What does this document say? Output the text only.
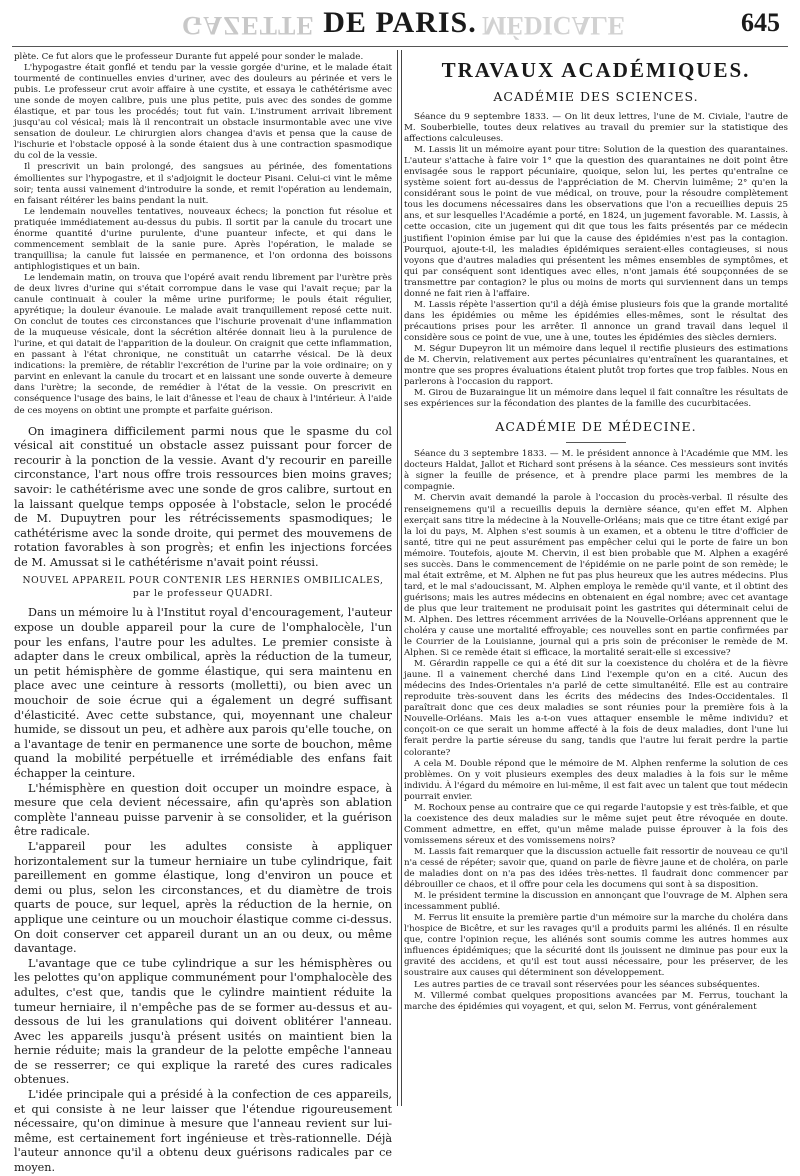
GAZETTE	MÉDICALE
DE PARIS.	645

plète. Ce fut alors que le professeur Durante fut appelé pour sonder le malade.

L'hypogastre était gonflé et tendu par la vessie gorgée d'urine, et le malade était tourmenté de continuelles envies d'uriner, avec des douleurs au périnée et vers le pubis. Le professeur crut avoir affaire à une cystite, et essaya le cathétérisme avec une sonde de moyen calibre, puis une plus petite, puis avec des sondes de gomme élastique, et par tous les procédés; tout fut vain. L'instrument arrivait librement jusqu'au col vésical; mais là il rencontrait un obstacle insurmontable avec une vive sensation de douleur. Le chirurgien alors changea d'avis et pensa que la cause de l'ischurie et l'obstacle opposé à la sonde étaient dus à une contraction spasmodique du col de la vessie.

Il prescrivit un bain prolongé, des sangsues au périnée, des fomentations émollientes sur l'hypogastre, et il s'adjoignit le docteur Pisani. Celui-ci vint le même soir; tenta aussi vainement d'introduire la sonde, et remit l'opération au lendemain, en faisant réitérer les bains pendant la nuit.

Le lendemain nouvelles tentatives, nouveaux échecs; la ponction fut résolue et pratiquée immédiatement au-dessus du pubis. Il sortit par la canule du trocart une énorme quantité d'urine purulente, d'une puanteur infecte, et qui dans le commencement semblait de la sanie pure. Après l'opération, le malade se tranquillisa; la canule fut laissée en permanence, et l'on ordonna des boissons antiphlogistiques et un bain.

Le lendemain matin, on trouva que l'opéré avait rendu librement par l'urètre près de deux livres d'urine qui s'était corrompue dans le vase qui l'avait reçue; par la canule continuait à couler la même urine puriforme; le pouls était régulier, apyrétique; la douleur évanouie. Le malade avait tranquillement reposé cette nuit. On conclut de toutes ces circonstances que l'ischurie provenait d'une inflammation de la muqueuse vésicale, dont la sécrétion altérée donnait lieu à la purulence de l'urine, et qui datait de l'apparition de la douleur. On craignit que cette inflammation, en passant à l'état chronique, ne constituât un catarrhe vésical. De là deux indications: la première, de rétablir l'excrétion de l'urine par la voie ordinaire; on y parvint en enlevant la canule du trocart et en laissant une sonde ouverte à demeure dans l'urètre; la seconde, de remédier à l'état de la vessie. On prescrivit en conséquence l'usage des bains, le lait d'ânesse et l'eau de chaux à l'intérieur. À l'aide de ces moyens on obtint une prompte et parfaite guérison.

On imaginera difficilement parmi nous que le spasme du col vésical ait constitué un obstacle assez puissant pour forcer de recourir à la ponction de la vessie. Avant d'y recourir en pareille circonstance, l'art nous offre trois ressources bien moins graves; savoir: le cathétérisme avec une sonde de gros calibre, surtout en la laissant quelque temps opposée à l'obstacle, selon le procédé de M. Dupuytren pour les rétrécissements spasmodiques; le cathétérisme avec la sonde droite, qui permet des mouvemens de rotation favorables à son progrès; et enfin les injections forcées de M. Amussat si le cathétérisme n'avait point réussi.

NOUVEL APPAREIL POUR CONTENIR LES HERNIES OMBILICALES, par le professeur QUADRI.

Dans un mémoire lu à l'Institut royal d'encouragement, l'auteur expose un double appareil pour la cure de l'omphalocèle, l'un pour les enfans, l'autre pour les adultes. Le premier consiste à adapter dans le creux ombilical, après la réduction de la tumeur, un petit hémisphère de gomme élastique, qui sera maintenu en place avec une ceinture à ressorts (molletti), ou bien avec un mouchoir de soie écrue qui a également un degré suffisant d'élasticité. Avec cette substance, qui, moyennant une chaleur humide, se dissout un peu, et adhère aux parois qu'elle touche, on a l'avantage de tenir en permanence une sorte de bouchon, même quand la mobilité perpétuelle et irrémédiable des enfans fait échapper la ceinture.

L'hémisphère en question doit occuper un moindre espace, à mesure que cela devient nécessaire, afin qu'après son ablation complète l'anneau puisse parvenir à se consolider, et la guérison être radicale.

L'appareil pour les adultes consiste à appliquer horizontalement sur la tumeur herniaire un tube cylindrique, fait pareillement en gomme élastique, long d'environ un pouce et demi ou plus, selon les circonstances, et du diamètre de trois quarts de pouce, sur lequel, après la réduction de la hernie, on applique une ceinture ou un mouchoir élastique comme ci-dessus. On doit conserver cet appareil durant un an ou deux, ou même davantage.

L'avantage que ce tube cylindrique a sur les hémisphères ou les pelottes qu'on applique communément pour l'omphalocèle des adultes, c'est que, tandis que le cylindre maintient réduite la tumeur herniaire, il n'empêche pas de se former au-dessus et au-dessous de lui les granulations qui doivent oblitérer l'anneau. Avec les appareils jusqu'à présent usités on maintient bien la hernie réduite; mais la grandeur de la pelotte empêche l'anneau de se resserrer; ce qui explique la rareté des cures radicales obtenues.

L'idée principale qui a présidé à la confection de ces appareils, et qui consiste à ne leur laisser que l'étendue rigoureusement nécessaire, qu'on diminue à mesure que l'anneau revient sur lui-même, est certainement fort ingénieuse et très-rationnelle. Déjà l'auteur annonce qu'il a obtenu deux guérisons radicales par ce moyen.

TRAVAUX ACADÉMIQUES.
ACADÉMIE DES SCIENCES.

Séance du 9 septembre 1833. — On lit deux lettres, l'une de M. Civiale, l'autre de M. Souberbielle, toutes deux relatives au travail du premier sur la statistique des affections calculeuses.

M. Lassis lit un mémoire ayant pour titre: Solution de la question des quarantaines. L'auteur s'attache à faire voir 1° que la question des quarantaines ne doit point être envisagée sous le rapport pécuniaire, quoique, selon lui, les pertes qu'entraîne ce système soient fort au-dessus de l'appréciation de M. Chervin luimême; 2° qu'en la considérant sous le point de vue médical, on trouve, pour la résoudre complètement tous les documens nécessaires dans les observations que l'on a recueillies depuis 25 ans, et sur lesquelles l'Académie a porté, en 1824, un jugement favorable. M. Lassis, à cette occasion, cite un jugement qui dit que tous les faits présentés par ce médecin justifient l'opinion émise par lui que la cause des épidémies n'est pas la contagion. Pourquoi, ajoute-t-il, les maladies épidémiques seraient-elles contagieuses, si nous voyons que d'autres maladies qui présentent les mêmes ensembles de symptômes, et qui par conséquent sont identiques avec elles, n'ont jamais été soupçonnées de se transmettre par contagion? le plus ou moins de morts qui surviennent dans un temps donné ne fait rien à l'affaire.

M. Lassis répète l'assertion qu'il a déjà émise plusieurs fois que la grande mortalité dans les épidémies ou même les épidémies elles-mêmes, sont le résultat des précautions prises pour les arrêter. Il annonce un grand travail dans lequel il considère sous ce point de vue, une à une, toutes les épidémies des siècles derniers.

M. Ségur Dupeyron lit un mémoire dans lequel il rectifie plusieurs des estimations de M. Chervin, relativement aux pertes pécuniaires qu'entraînent les quarantaines, et montre que ses propres évaluations étaient plutôt trop fortes que trop faibles. Nous en parlerons à l'occasion du rapport.

M. Girou de Buzaraingue lit un mémoire dans lequel il fait connaître les résultats de ses expériences sur la fécondation des plantes de la famille des cucurbitacées.

ACADÉMIE DE MÉDECINE.

Séance du 3 septembre 1833. — M. le président annonce à l'Académie que MM. les docteurs Haldat, Jallot et Richard sont présens à la séance. Ces messieurs sont invités à signer la feuille de présence, et à prendre place parmi les membres de la compagnie.

M. Chervin avait demandé la parole à l'occasion du procès-verbal. Il résulte des renseignemens qu'il a recueillis depuis la dernière séance, qu'en effet M. Alphen exerçait sans titre la médecine à la Nouvelle-Orléans; mais que ce titre étant exigé par la loi du pays, M. Alphen s'est soumis à un examen, et a obtenu le titre d'officier de santé, titre qui ne peut assurément pas empêcher celui qui le porte de faire un bon mémoire. Toutefois, ajoute M. Chervin, il est bien probable que M. Alphen a exagéré ses succès. Dans le commencement de l'épidémie on ne parle point de son remède; le mal était extrême, et M. Alphen ne fut pas plus heureux que les autres médecins. Plus tard, et le mal s'adoucissant, M. Alphen employa le remède qu'il vante, et il obtint des guérisons; mais les autres médecins en obtenaient en égal nombre; avec cet avantage de plus que leur traitement ne produisait point les gastrites qui déterminait celui de M. Alphen. Des lettres récemment arrivées de la Nouvelle-Orléans apprennent que le choléra y cause une mortalité effroyable; ces nouvelles sont en partie confirmées par le Courrier de la Louisianne, journal qui a pris soin de préconiser le remède de M. Alphen. Si ce remède était si efficace, la mortalité serait-elle si excessive?

M. Gérardin rappelle ce qui a été dit sur la coexistence du choléra et de la fièvre jaune. Il a vainement cherché dans Lind l'exemple qu'on en a cité. Aucun des médecins des Indes-Orientales n'a parlé de cette simultanéité. Elle est au contraire reproduite très-souvent dans les écrits des médecins des Indes-Occidentales. Il paraîtrait donc que ces deux maladies se sont réunies pour la première fois à la Nouvelle-Orléans. Mais les a-t-on vues attaquer ensemble le même individu? et conçoit-on ce que serait un homme affecté à la fois de deux maladies, dont l'une lui ferait perdre la partie séreuse du sang, tandis que l'autre lui ferait perdre la partie colorante?

A cela M. Double répond que le mémoire de M. Alphen renferme la solution de ces problèmes. On y voit plusieurs exemples des deux maladies à la fois sur le même individu. À l'égard du mémoire en lui-même, il est fait avec un talent que tout médecin pourrait envier.

M. Rochoux pense au contraire que ce qui regarde l'autopsie y est très-faible, et que la coexistence des deux maladies sur le même sujet peut être révoquée en doute. Comment admettre, en effet, qu'un même malade puisse éprouver à la fois des vomissemens séreux et des vomissemens noirs?

M. Lassis fait remarquer que la discussion actuelle fait ressortir de nouveau ce qu'il n'a cessé de répéter; savoir que, quand on parle de fièvre jaune et de choléra, on parle de maladies dont on n'a pas des idées très-nettes. Il faudrait donc commencer par débrouiller ce chaos, et il offre pour cela les documens qui sont à sa disposition.

M. le président termine la discussion en annonçant que l'ouvrage de M. Alphen sera incessamment publié.

M. Ferrus lit ensuite la première partie d'un mémoire sur la marche du choléra dans l'hospice de Bicêtre, et sur les ravages qu'il a produits parmi les aliénés. Il en résulte que, contre l'opinion reçue, les aliénés sont soumis comme les autres hommes aux influences épidémiques; que la sécurité dont ils jouissent ne diminue pas pour eux la gravité des accidens, et qu'il est tout aussi nécessaire, pour les préserver, de les soustraire aux causes qui déterminent son développement.

Les autres parties de ce travail sont réservées pour les séances subséquentes.

M. Villermé combat quelques propositions avancées par M. Ferrus, touchant la marche des épidémies qui voyagent, et qui, selon M. Ferrus, vont généralement
